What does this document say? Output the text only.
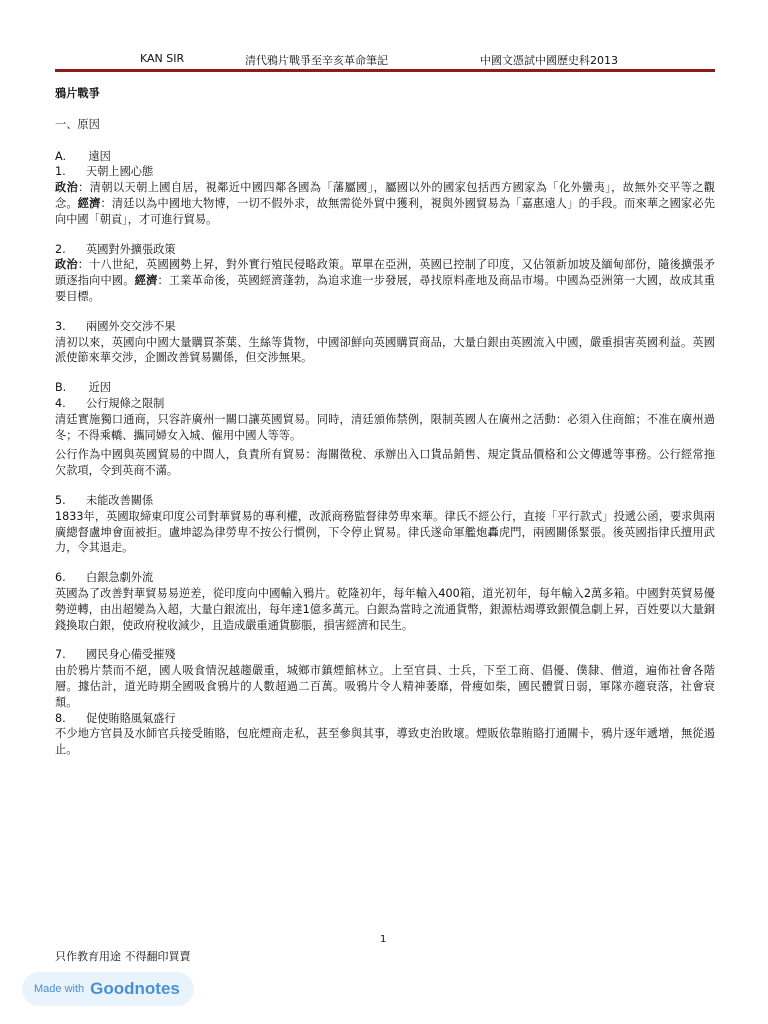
KAN SIR	清代鴉片戰爭至辛亥革命筆記	中國文憑試中國歷史科2013

鴉片戰爭

一、原因

A.　　遠因

1. 天朝上國心態

政治：清朝以天朝上國自居，視鄰近中國四鄰各國為「藩屬國」，屬國以外的國家包括西方國家為「化外蠻夷」，故無外交平等之觀念。經濟：清廷以為中國地大物博，一切不假外求，故無需從外貿中獲利，視與外國貿易為「嘉惠遠人」的手段。而來華之國家必先向中國「朝貢」，才可進行貿易。

2. 英國對外擴張政策

政治：十八世紀，英國國勢上昇，對外實行殖民侵略政策。單單在亞洲，英國已控制了印度，又佔領新加坡及緬甸部份，隨後擴張矛頭逐指向中國。經濟：工業革命後，英國經濟蓬勃，為追求進一步發展，尋找原料產地及商品市場。中國為亞洲第一大國，故成其重要目標。

3. 兩國外交交涉不果

清初以來，英國向中國大量購買茶葉、生絲等貨物，中國卻鮮向英國購買商品，大量白銀由英國流入中國，嚴重損害英國利益。英國派使節來華交涉，企圖改善貿易關係，但交涉無果。

B.　　近因

4. 公行規條之限制

清廷實施獨口通商，只容許廣州一關口讓英國貿易。同時，清廷頒佈禁例，限制英國人在廣州之活動：必須入住商館；不准在廣州過冬；不得乘轎、攜同婦女入城、僱用中國人等等。

公行作為中國與英國貿易的中間人，負責所有貿易：海關徵稅、承辦出入口貨品銷售、規定貨品價格和公文傳遞等事務。公行經常拖欠款項，令到英商不滿。

5. 未能改善關係

1833年，英國取締東印度公司對華貿易的專利權，改派商務監督律勞卑來華。律氏不經公行，直接「平行款式」投遞公函，要求與兩廣總督盧坤會面被拒。盧坤認為律勞卑不按公行慣例，下令停止貿易。律氏遂命軍艦炮轟虎門，兩國關係緊張。後英國指律氏擅用武力，令其退走。

6. 白銀急劇外流

英國為了改善對華貿易易逆差，從印度向中國輸入鴉片。乾隆初年，每年輸入400箱，道光初年，每年輸入2萬多箱。中國對英貿易優勢逆轉，由出超變為入超，大量白銀流出，每年達1億多萬元。白銀為當時之流通貨幣，銀源枯竭導致銀價急劇上昇，百姓要以大量銅錢換取白銀，使政府稅收減少，且造成嚴重通貨膨脹，損害經濟和民生。

7. 國民身心備受摧殘

由於鴉片禁而不絕，國人吸食情況越趨嚴重，城鄉市鎮煙館林立。上至官員、士兵，下至工商、倡優、僕隸、僧道，遍佈社會各階層。據估計，道光時期全國吸食鴉片的人數超過二百萬。吸鴉片令人精神萎靡，骨瘦如柴，國民體質日弱，軍隊亦趨衰落，社會衰頹。

8. 促使賄賂風氣盛行

不少地方官員及水師官兵接受賄賂，包庇煙商走私，甚至參與其事，導致吏治敗壞。煙販依靠賄賂打通關卡，鴉片逐年遞增，無從遏止。

1
只作教育用途 不得翻印買賣
Made with Goodnotes
